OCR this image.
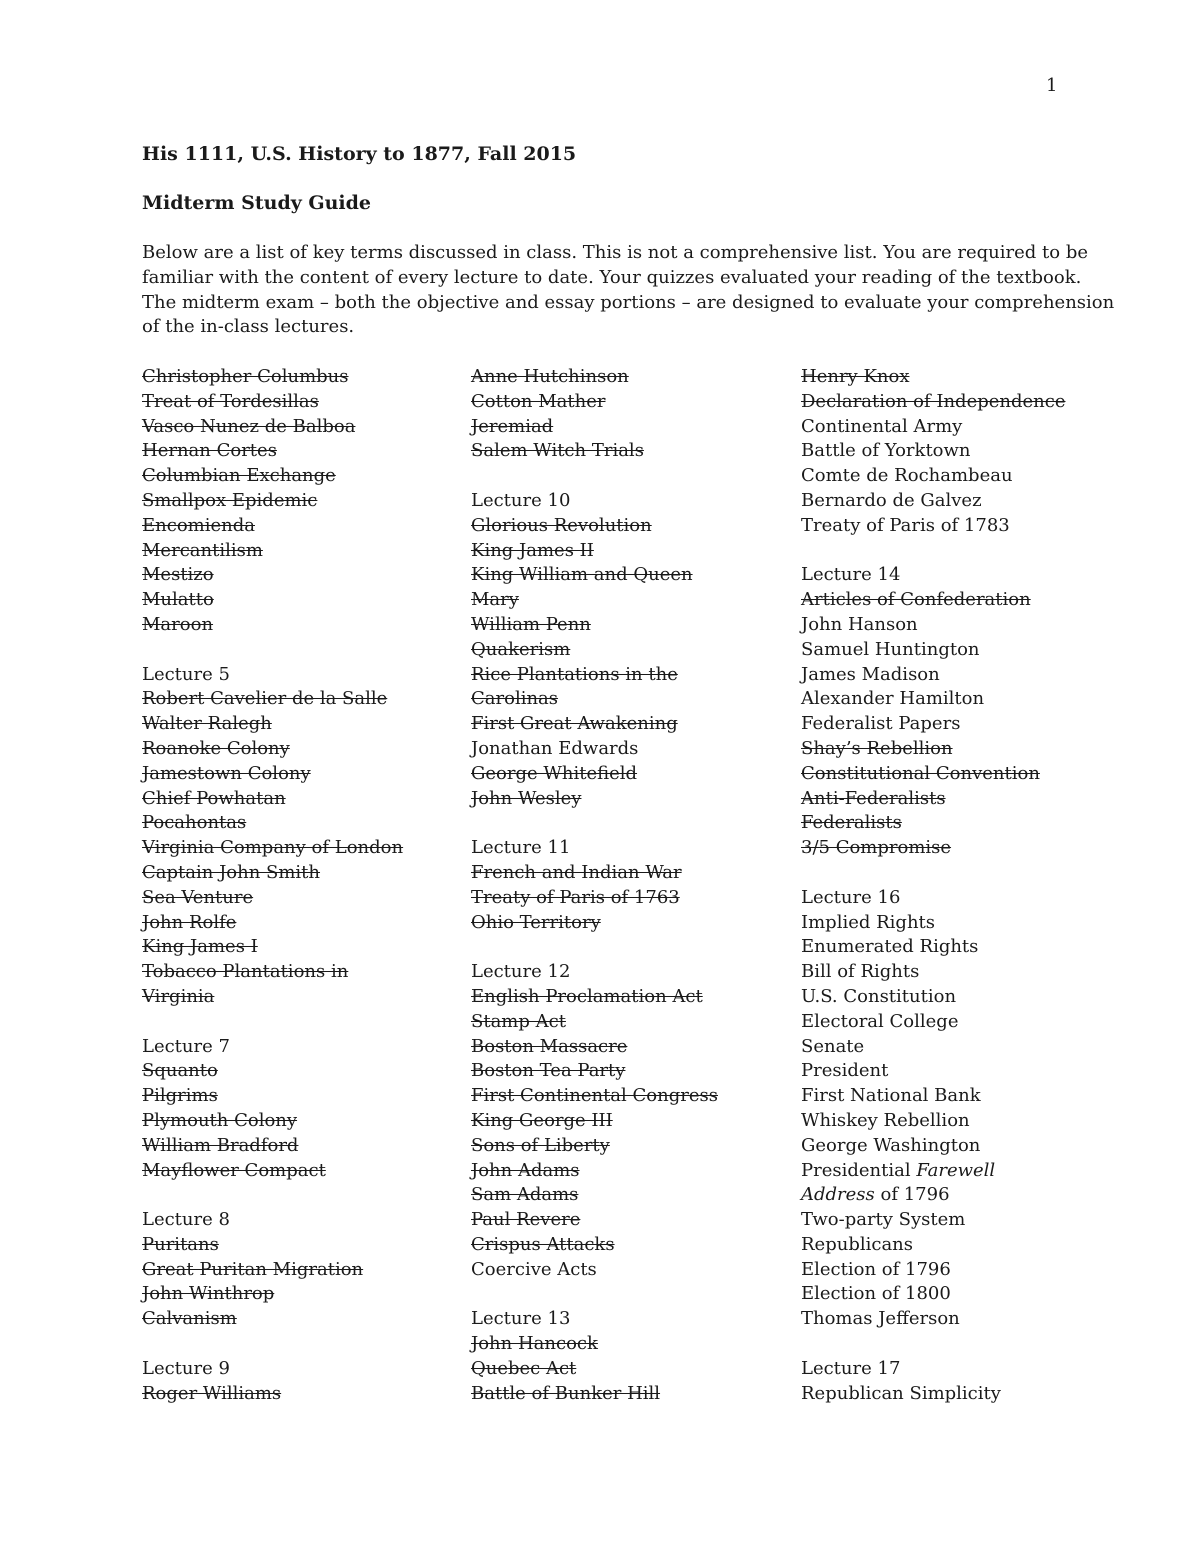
1
His 1111, U.S. History to 1877, Fall 2015
Midterm Study Guide
Below are a list of key terms discussed in class. This is not a comprehensive list. You are required to be
familiar with the content of every lecture to date. Your quizzes evaluated your reading of the textbook.
The midterm exam – both the objective and essay portions – are designed to evaluate your comprehension
of the in-class lectures.
Christopher Columbus
Treat of Tordesillas
Vasco Nunez de Balboa
Hernan Cortes
Columbian Exchange
Smallpox Epidemic
Encomienda
Mercantilism
Mestizo
Mulatto
Maroon
Lecture 5
Robert Cavelier de la Salle
Walter Ralegh
Roanoke Colony
Jamestown Colony
Chief Powhatan
Pocahontas
Virginia Company of London
Captain John Smith
Sea Venture
John Rolfe
King James I
Tobacco Plantations in
Virginia
Lecture 7
Squanto
Pilgrims
Plymouth Colony
William Bradford
Mayflower Compact
Lecture 8
Puritans
Great Puritan Migration
John Winthrop
Calvanism
Lecture 9
Roger Williams
Anne Hutchinson
Cotton Mather
Jeremiad
Salem Witch Trials
Lecture 10
Glorious Revolution
King James II
King William and Queen
Mary
William Penn
Quakerism
Rice Plantations in the
Carolinas
First Great Awakening
Jonathan Edwards
George Whitefield
John Wesley
Lecture 11
French and Indian War
Treaty of Paris of 1763
Ohio Territory
Lecture 12
English Proclamation Act
Stamp Act
Boston Massacre
Boston Tea Party
First Continental Congress
King George III
Sons of Liberty
John Adams
Sam Adams
Paul Revere
Crispus Attacks
Coercive Acts
Lecture 13
John Hancock
Quebec Act
Battle of Bunker Hill
Henry Knox
Declaration of Independence
Continental Army
Battle of Yorktown
Comte de Rochambeau
Bernardo de Galvez
Treaty of Paris of 1783
Lecture 14
Articles of Confederation
John Hanson
Samuel Huntington
James Madison
Alexander Hamilton
Federalist Papers
Shay’s Rebellion
Constitutional Convention
Anti-Federalists
Federalists
3/5 Compromise
Lecture 16
Implied Rights
Enumerated Rights
Bill of Rights
U.S. Constitution
Electoral College
Senate
President
First National Bank
Whiskey Rebellion
George Washington
Presidential Farewell
Address of 1796
Two-party System
Republicans
Election of 1796
Election of 1800
Thomas Jefferson
Lecture 17
Republican Simplicity
